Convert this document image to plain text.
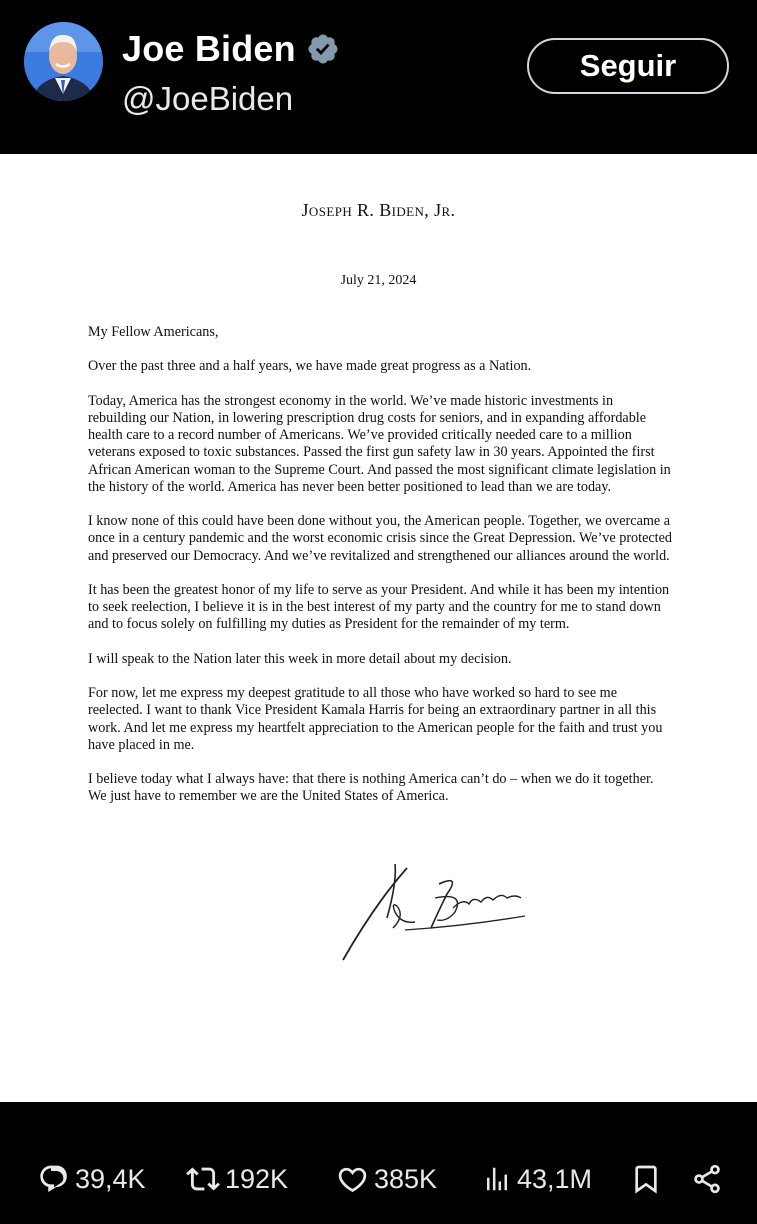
Joe Biden
@JoeBiden
Seguir
Joseph R. Biden, Jr.
July 21, 2024

My Fellow Americans,

Over the past three and a half years, we have made great progress as a Nation.

Today, America has the strongest economy in the world. We’ve made historic investments in rebuilding our Nation, in lowering prescription drug costs for seniors, and in expanding affordable health care to a record number of Americans. We’ve provided critically needed care to a million veterans exposed to toxic substances. Passed the first gun safety law in 30 years. Appointed the first African American woman to the Supreme Court. And passed the most significant climate legislation in the history of the world. America has never been better positioned to lead than we are today.

I know none of this could have been done without you, the American people. Together, we overcame a once in a century pandemic and the worst economic crisis since the Great Depression. We’ve protected and preserved our Democracy. And we’ve revitalized and strengthened our alliances around the world.

It has been the greatest honor of my life to serve as your President. And while it has been my intention to seek reelection, I believe it is in the best interest of my party and the country for me to stand down and to focus solely on fulfilling my duties as President for the remainder of my term.

I will speak to the Nation later this week in more detail about my decision.

For now, let me express my deepest gratitude to all those who have worked so hard to see me reelected. I want to thank Vice President Kamala Harris for being an extraordinary partner in all this work. And let me express my heartfelt appreciation to the American people for the faith and trust you have placed in me.

I believe today what I always have: that there is nothing America can’t do – when we do it together. We just have to remember we are the United States of America.

39,4K	192K	385K	43,1M
